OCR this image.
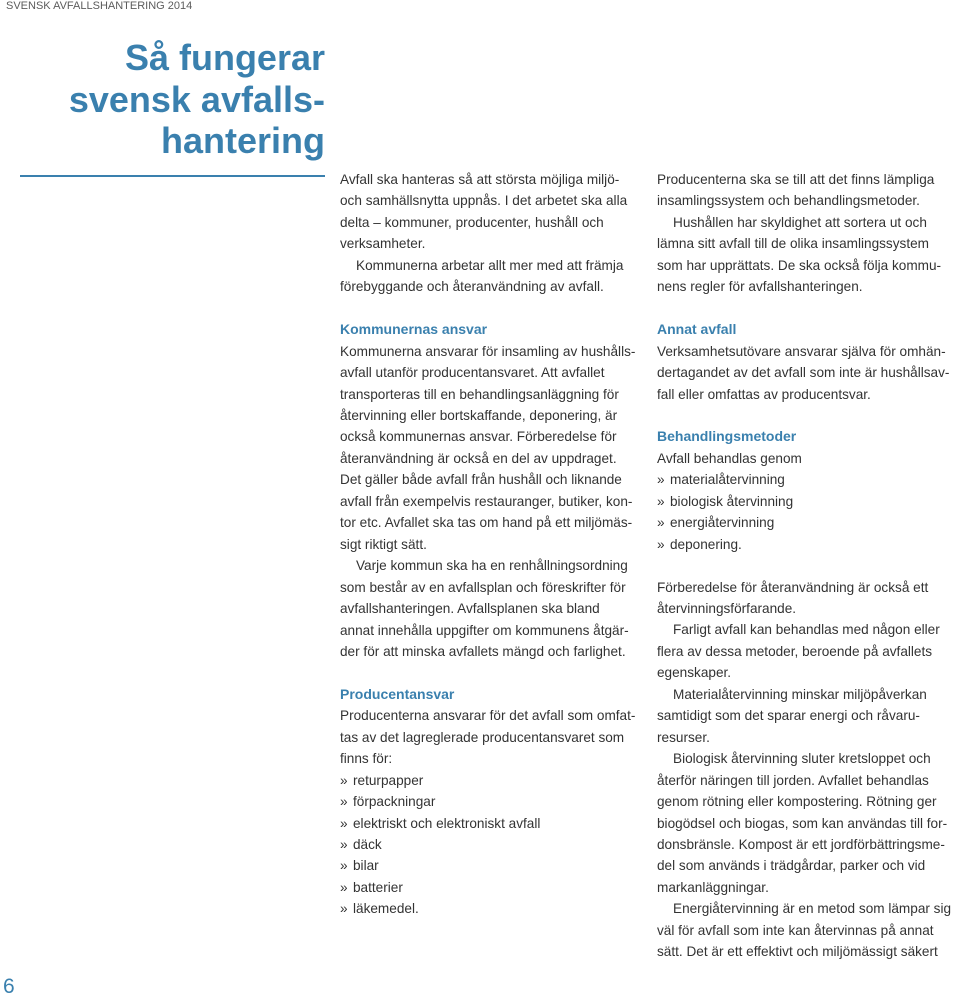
SVENSK AVFALLSHANTERING 2014
Så fungerar
svensk avfalls-
hantering
Avfall ska hanteras så att största möjliga miljö-
och samhällsnytta uppnås. I det arbetet ska alla
delta – kommuner, producenter, hushåll och
verksamheter.
Kommunerna arbetar allt mer med att främja
förebyggande och återanvändning av avfall.
Kommunernas ansvar
Kommunerna ansvarar för insamling av hushålls-
avfall utanför producentansvaret. Att avfallet
transporteras till en behandlingsanläggning för
återvinning eller bortskaffande, deponering, är
också kommunernas ansvar. Förberedelse för
återanvändning är också en del av uppdraget.
Det gäller både avfall från hushåll och liknande
avfall från exempelvis restauranger, butiker, kon-
tor etc. Avfallet ska tas om hand på ett miljömäs-
sigt riktigt sätt.
Varje kommun ska ha en renhållningsordning
som består av en avfallsplan och föreskrifter för
avfallshanteringen. Avfallsplanen ska bland
annat innehålla uppgifter om kommunens åtgär-
der för att minska avfallets mängd och farlighet.
Producentansvar
Producenterna ansvarar för det avfall som omfat-
tas av det lagreglerade producentansvaret som
finns för:
» returpapper
» förpackningar
» elektriskt och elektroniskt avfall
» däck
» bilar
» batterier
» läkemedel.
Producenterna ska se till att det finns lämpliga
insamlingssystem och behandlingsmetoder.
Hushållen har skyldighet att sortera ut och
lämna sitt avfall till de olika insamlingssystem
som har upprättats. De ska också följa kommu-
nens regler för avfallshanteringen.
Annat avfall
Verksamhetsutövare ansvarar själva för omhän-
dertagandet av det avfall som inte är hushållsav-
fall eller omfattas av producentsvar.
Behandlingsmetoder
Avfall behandlas genom
» materialåtervinning
» biologisk återvinning
» energiåtervinning
» deponering.
Förberedelse för återanvändning är också ett
återvinningsförfarande.
Farligt avfall kan behandlas med någon eller
flera av dessa metoder, beroende på avfallets
egenskaper.
Materialåtervinning minskar miljöpåverkan
samtidigt som det sparar energi och råvaru-
resurser.
Biologisk återvinning sluter kretsloppet och
återför näringen till jorden. Avfallet behandlas
genom rötning eller kompostering. Rötning ger
biogödsel och biogas, som kan användas till for-
donsbränsle. Kompost är ett jordförbättringsme-
del som används i trädgårdar, parker och vid
markanläggningar.
Energiåtervinning är en metod som lämpar sig
väl för avfall som inte kan återvinnas på annat
sätt. Det är ett effektivt och miljömässigt säkert
6
